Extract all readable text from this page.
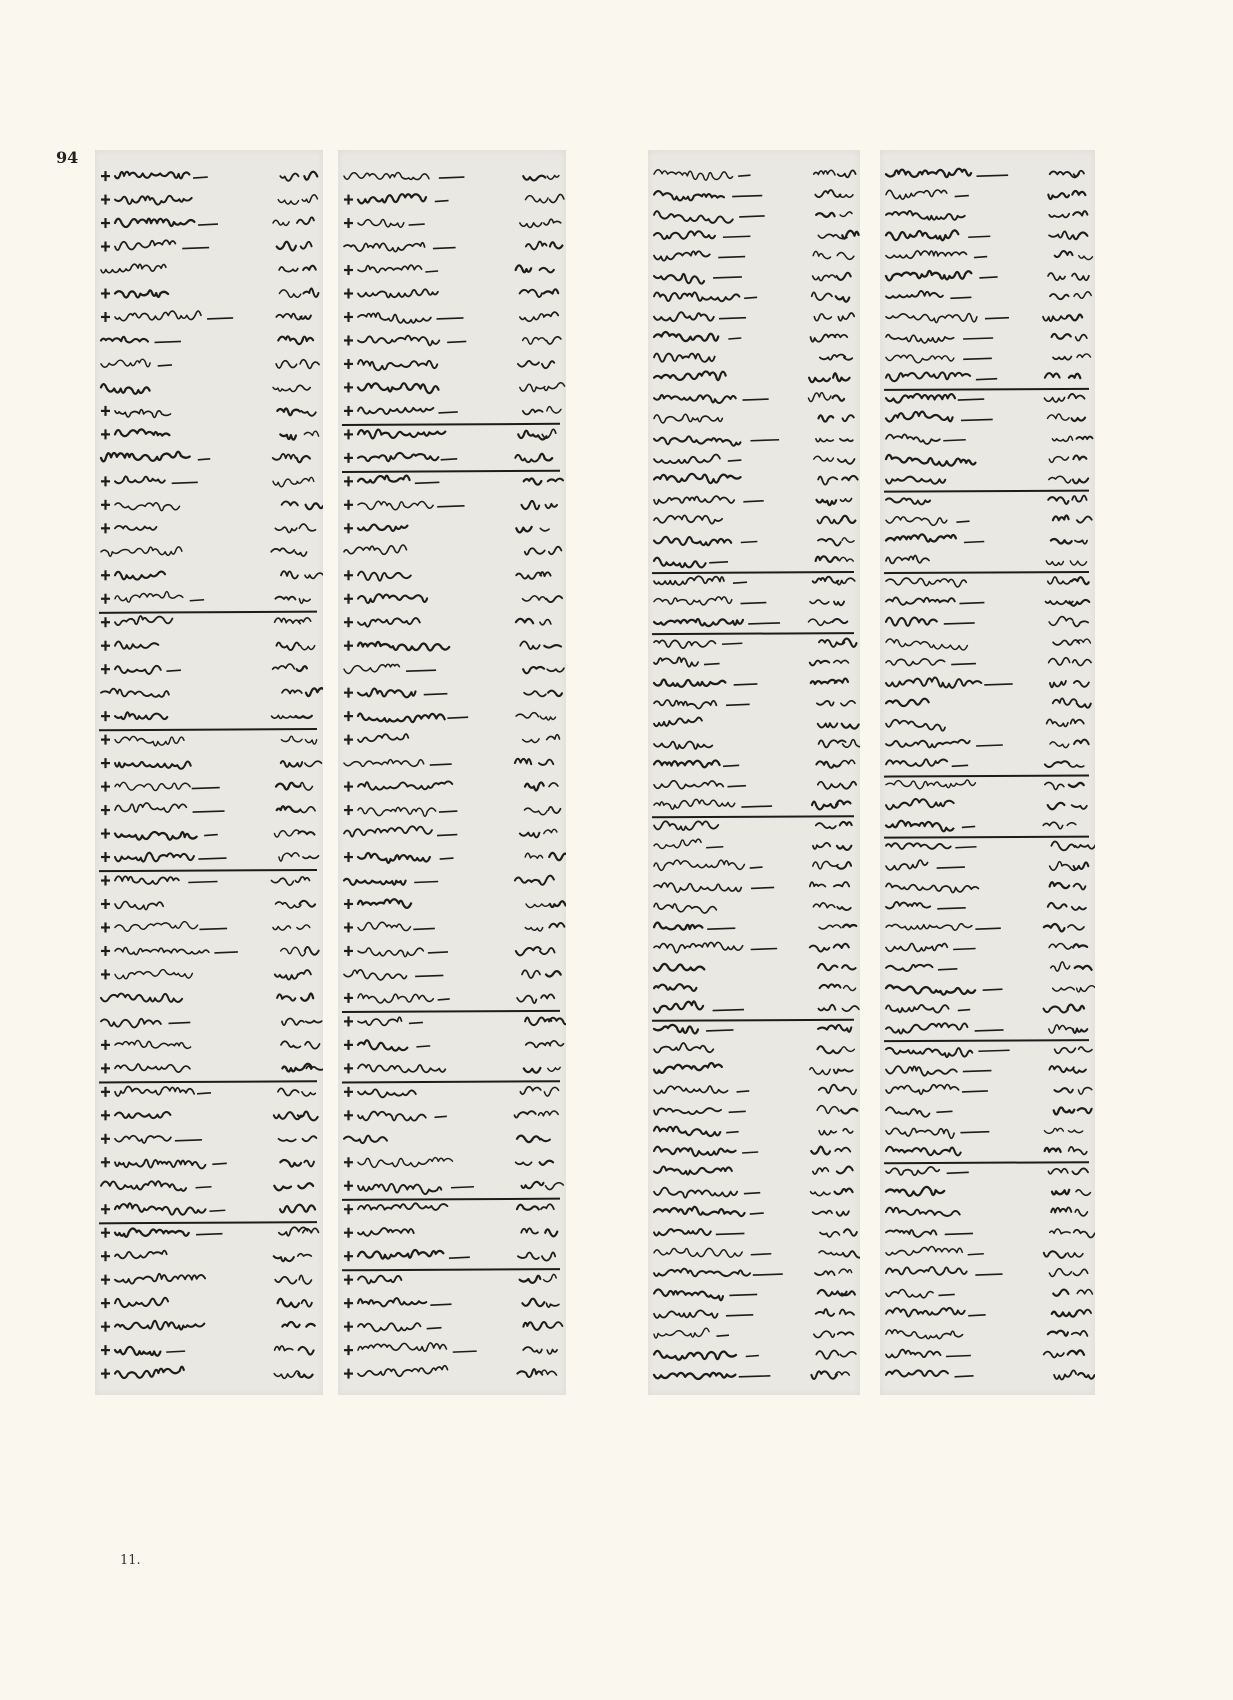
94
11.
